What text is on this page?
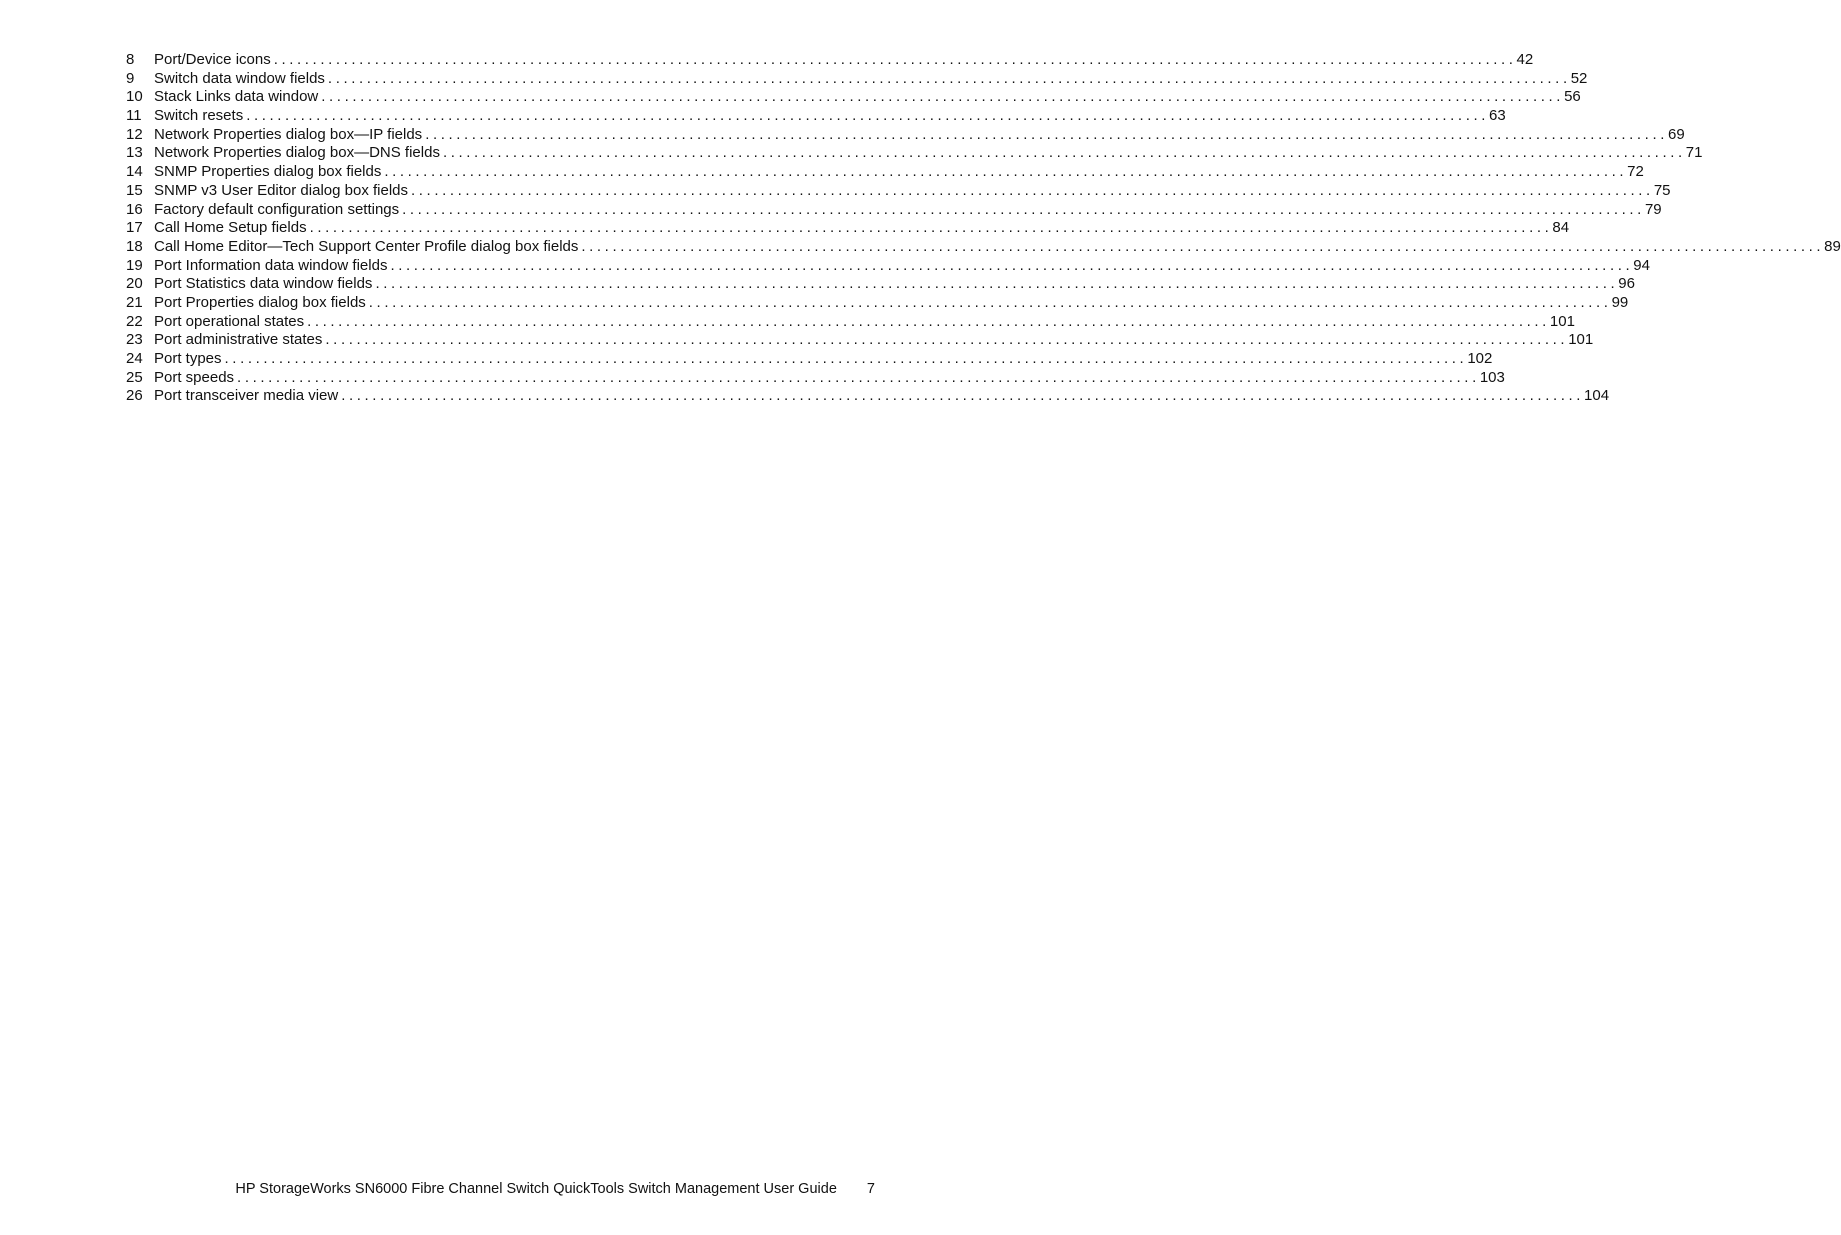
8	Port/Device icons ................................................................................................................................................................ 42
9	Switch data window fields ................................................................................................................................................................ 52
10 Stack Links data window ................................................................................................................................................................ 56
11 Switch resets ................................................................................................................................................................ 63
12 Network Properties dialog box—IP fields ................................................................................................................................................................ 69
13 Network Properties dialog box—DNS fields ................................................................................................................................................................ 71
14 SNMP Properties dialog box fields ................................................................................................................................................................ 72
15 SNMP v3 User Editor dialog box fields ................................................................................................................................................................ 75
16 Factory default configuration settings ................................................................................................................................................................ 79
17 Call Home Setup fields ................................................................................................................................................................ 84
18 Call Home Editor—Tech Support Center Profile dialog box fields ................................................................................................................................................................ 89
19 Port Information data window fields ................................................................................................................................................................ 94
20 Port Statistics data window fields ................................................................................................................................................................ 96
21 Port Properties dialog box fields ................................................................................................................................................................ 99
22 Port operational states ................................................................................................................................................................ 101
23 Port administrative states ................................................................................................................................................................ 101
24 Port types ................................................................................................................................................................ 102
25 Port speeds ................................................................................................................................................................ 103
26 Port transceiver media view ................................................................................................................................................................ 104
HP StorageWorks SN6000 Fibre Channel Switch QuickTools Switch Management User Guide 7
